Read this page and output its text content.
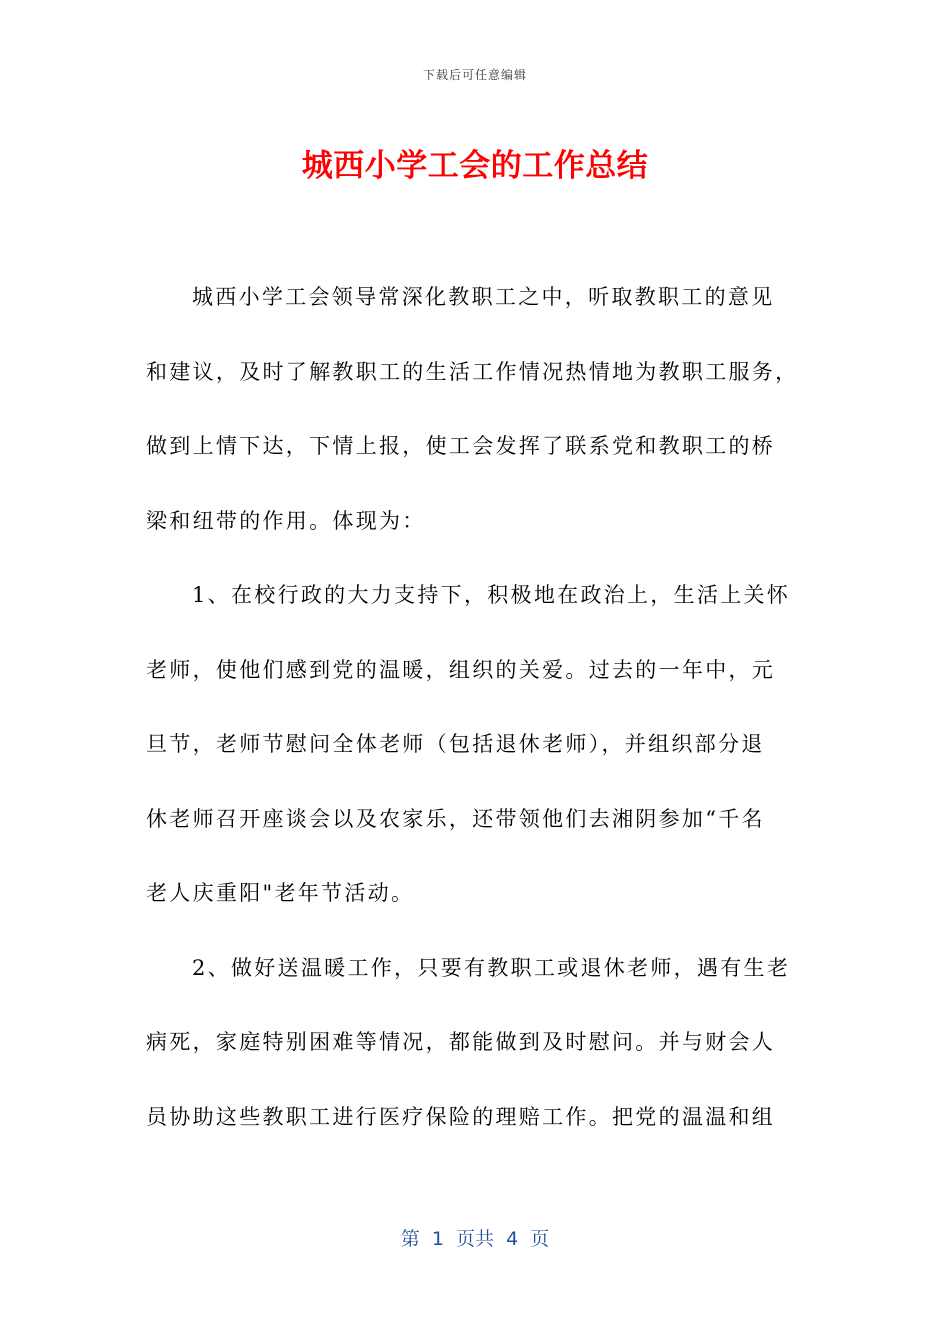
下载后可任意编辑
城西小学工会的工作总结
城西小学工会领导常深化教职工之中，听取教职工的意见
和建议，及时了解教职工的生活工作情况热情地为教职工服务，
做到上情下达，下情上报，使工会发挥了联系党和教职工的桥
梁和纽带的作用。体现为：
1、在校行政的大力支持下，积极地在政治上，生活上关怀
老师，使他们感到党的温暖，组织的关爱。过去的一年中，元
旦节，老师节慰问全体老师（包括退休老师），并组织部分退
休老师召开座谈会以及农家乐，还带领他们去湘阴参加“千名
老人庆重阳"老年节活动。
2、做好送温暖工作，只要有教职工或退休老师，遇有生老
病死，家庭特别困难等情况，都能做到及时慰问。并与财会人
员协助这些教职工进行医疗保险的理赔工作。把党的温温和组
第  1  页共  4  页
